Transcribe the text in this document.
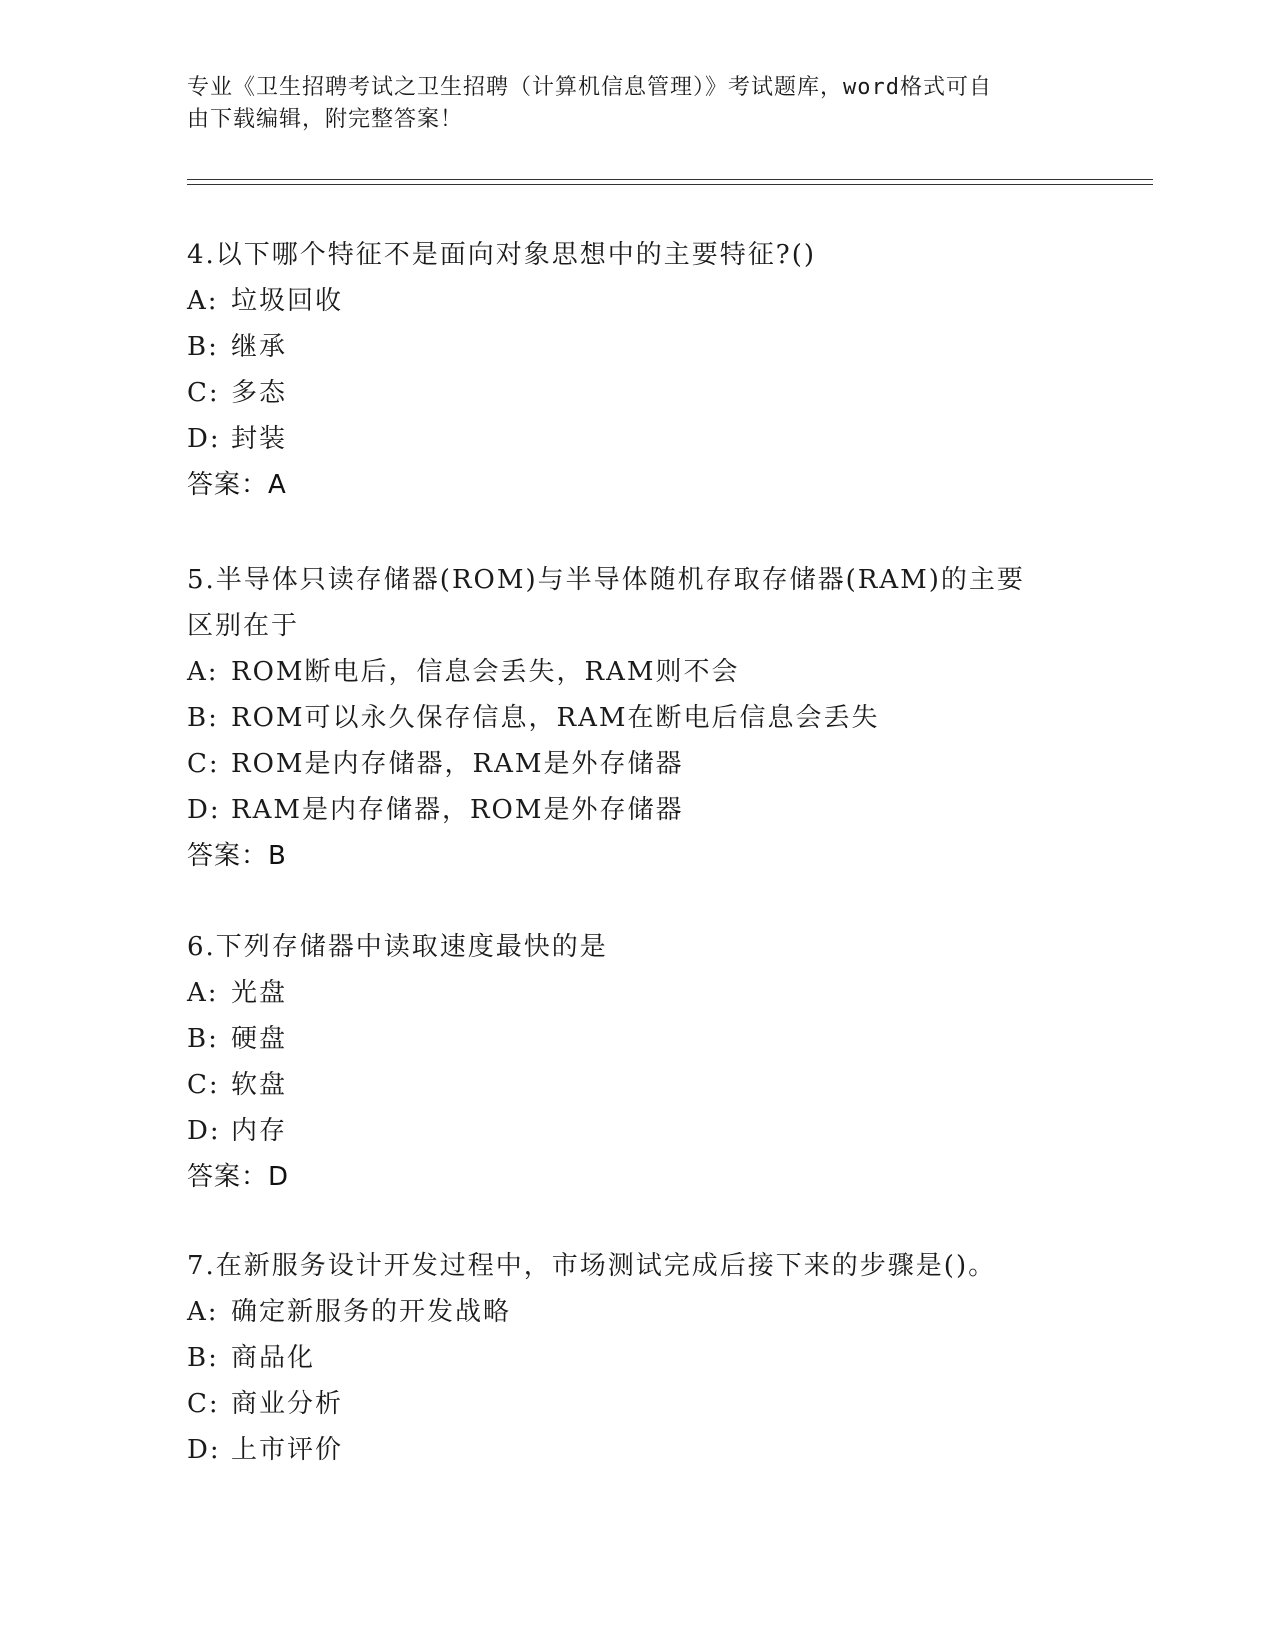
专业《卫生招聘考试之卫生招聘（计算机信息管理）》考试题库，word格式可自
由下载编辑，附完整答案！
4.以下哪个特征不是面向对象思想中的主要特征?()
A: 垃圾回收
B: 继承
C: 多态
D: 封装
答案：A
5.半导体只读存储器(ROM)与半导体随机存取存储器(RAM)的主要区别在于
A: ROM断电后，信息会丢失，RAM则不会
B: ROM可以永久保存信息，RAM在断电后信息会丢失
C: ROM是内存储器，RAM是外存储器
D: RAM是内存储器，ROM是外存储器
答案：B
6.下列存储器中读取速度最快的是
A: 光盘
B: 硬盘
C: 软盘
D: 内存
答案：D
7.在新服务设计开发过程中，市场测试完成后接下来的步骤是()。
A: 确定新服务的开发战略
B: 商品化
C: 商业分析
D: 上市评价
